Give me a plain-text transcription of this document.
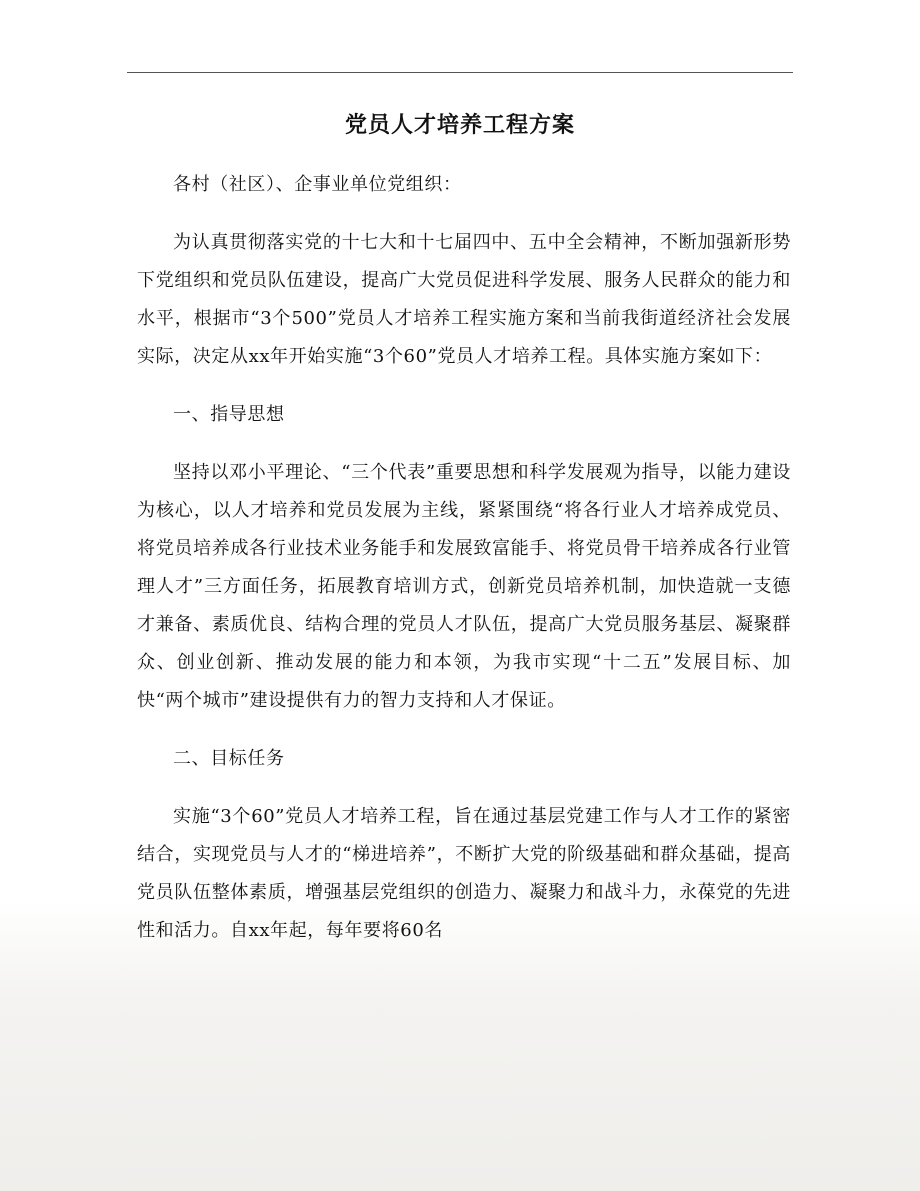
党员人才培养工程方案

各村（社区）、企事业单位党组织：

为认真贯彻落实党的十七大和十七届四中、五中全会精神，不断加强新形势下党组织和党员队伍建设，提高广大党员促进科学发展、服务人民群众的能力和水平，根据市“3个500”党员人才培养工程实施方案和当前我街道经济社会发展实际，决定从xx年开始实施“3个60”党员人才培养工程。具体实施方案如下：

一、指导思想

坚持以邓小平理论、“三个代表”重要思想和科学发展观为指导，以能力建设为核心，以人才培养和党员发展为主线，紧紧围绕“将各行业人才培养成党员、将党员培养成各行业技术业务能手和发展致富能手、将党员骨干培养成各行业管理人才”三方面任务，拓展教育培训方式，创新党员培养机制，加快造就一支德才兼备、素质优良、结构合理的党员人才队伍，提高广大党员服务基层、凝聚群众、创业创新、推动发展的能力和本领，为我市实现“十二五”发展目标、加快“两个城市”建设提供有力的智力支持和人才保证。

二、目标任务

实施“3个60”党员人才培养工程，旨在通过基层党建工作与人才工作的紧密结合，实现党员与人才的“梯进培养”，不断扩大党的阶级基础和群众基础，提高党员队伍整体素质，增强基层党组织的创造力、凝聚力和战斗力，永葆党的先进性和活力。自xx年起，每年要将60名
